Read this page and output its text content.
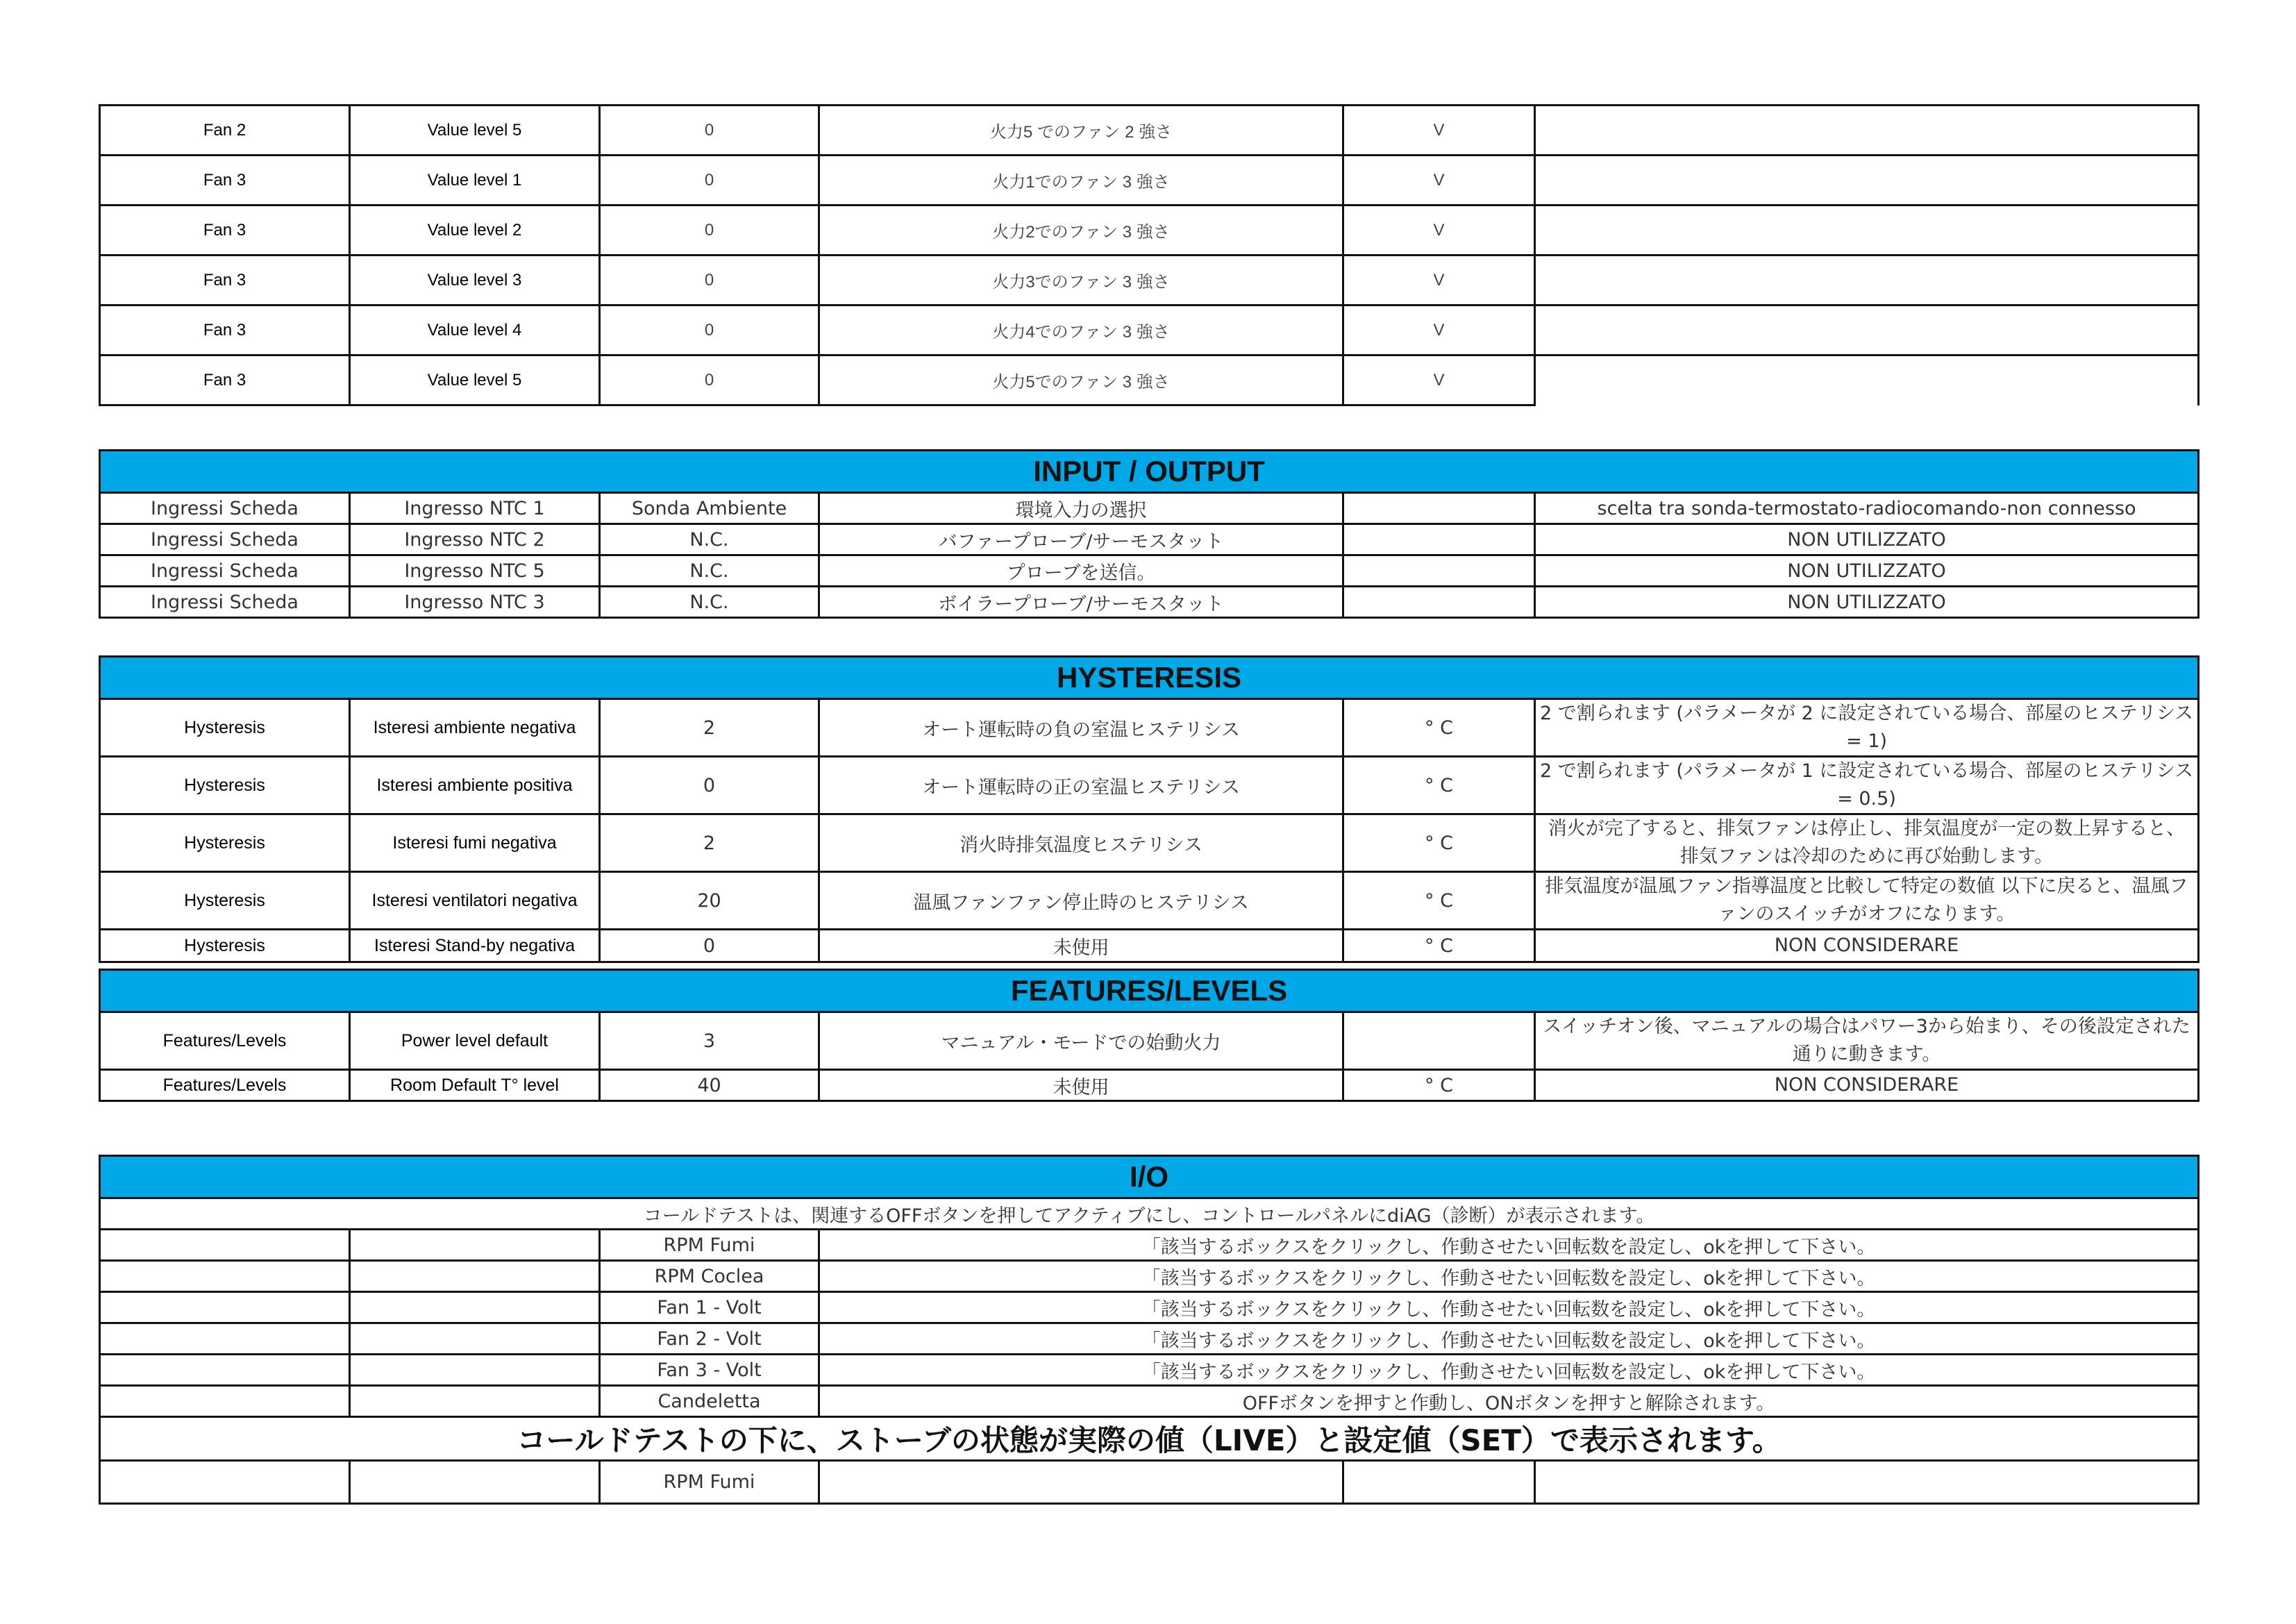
Fan 2	Value level 5	0	火力5 でのファン 2 強さ	V	
Fan 3	Value level 1	0	火力1でのファン 3 強さ	V	
Fan 3	Value level 2	0	火力2でのファン 3 強さ	V	
Fan 3	Value level 3	0	火力3でのファン 3 強さ	V	
Fan 3	Value level 4	0	火力4でのファン 3 強さ	V	
Fan 3	Value level 5	0	火力5でのファン 3 強さ	V	
INPUT / OUTPUT					
Ingressi Scheda	Ingresso NTC 1	Sonda Ambiente	環境入力の選択		scelta tra sonda-termostato-radiocomando-non connesso
Ingressi Scheda	Ingresso NTC 2	N.C.	バファープローブ/サーモスタット		NON UTILIZZATO
Ingressi Scheda	Ingresso NTC 5	N.C.	プローブを送信。		NON UTILIZZATO
Ingressi Scheda	Ingresso NTC 3	N.C.	ボイラープローブ/サーモスタット		NON UTILIZZATO
HYSTERESIS					
Hysteresis	Isteresi ambiente negativa	2	オート運転時の負の室温ヒステリシス	° C	2 で割られます (パラメータが 2 に設定されている場合、部屋のヒステリシス = 1)
Hysteresis	Isteresi ambiente positiva	0	オート運転時の正の室温ヒステリシス	° C	2 で割られます (パラメータが 1 に設定されている場合、部屋のヒステリシス = 0.5)
Hysteresis	Isteresi fumi negativa	2	消火時排気温度ヒステリシス	° C	消火が完了すると、排気ファンは停止し、排気温度が一定の数上昇すると、排気ファンは冷却のために再び始動します。
Hysteresis	Isteresi ventilatori negativa	20	温風ファンファン停止時のヒステリシス	° C	排気温度が温風ファン指導温度と比較して特定の数値 以下に戻ると、温風ファンのスイッチがオフになります。
Hysteresis	Isteresi Stand-by negativa	0	未使用	° C	NON CONSIDERARE
FEATURES/LEVELS					
Features/Levels	Power level default	3	マニュアル・モードでの始動火力		スイッチオン後、マニュアルの場合はパワー3から始まり、その後設定された通りに動きます。
Features/Levels	Room Default T° level	40	未使用	° C	NON CONSIDERARE
I/O					
コールドテストは、関連するOFFボタンを押してアクティブにし、コントロールパネルにdiAG（診断）が表示されます。					
		RPM Fumi	「該当するボックスをクリックし、作動させたい回転数を設定し、okを押して下さい。		
		RPM Coclea	「該当するボックスをクリックし、作動させたい回転数を設定し、okを押して下さい。		
		Fan 1 - Volt	「該当するボックスをクリックし、作動させたい回転数を設定し、okを押して下さい。		
		Fan 2 - Volt	「該当するボックスをクリックし、作動させたい回転数を設定し、okを押して下さい。		
		Fan 3 - Volt	「該当するボックスをクリックし、作動させたい回転数を設定し、okを押して下さい。		
		Candeletta	OFFボタンを押すと作動し、ONボタンを押すと解除されます。		
コールドテストの下に、ストーブの状態が実際の値（LIVE）と設定値（SET）で表示されます。					
		RPM Fumi			
